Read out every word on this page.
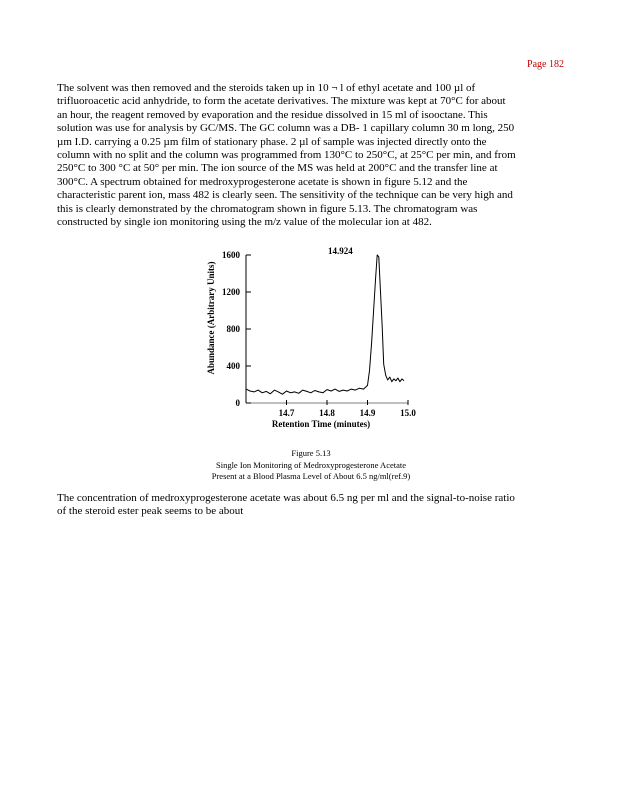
Page 182

The solvent was then removed and the steroids taken up in 10 ¬ l of ethyl acetate and 100 µl of
trifluoroacetic acid anhydride, to form the acetate derivatives. The mixture was kept at 70°C for about
an hour, the reagent removed by evaporation and the residue dissolved in 15 ml of isooctane. This
solution was use for analysis by GC/MS. The GC column was a DB- 1 capillary column 30 m long, 250
µm I.D. carrying a 0.25 µm film of stationary phase. 2 µl of sample was injected directly onto the
column with no split and the column was programmed from 130°C to 250°C, at 25°C per min, and from
250°C to 300 °C at 50° per min. The ion source of the MS was held at 200°C and the transfer line at
300°C. A spectrum obtained for medroxyprogesterone acetate is shown in figure 5.12 and the
characteristic parent ion, mass 482 is clearly seen. The sensitivity of the technique can be very high and
this is clearly demonstrated by the chromatogram shown in figure 5.13. The chromatogram was
constructed by single ion monitoring using the m/z value of the molecular ion at 482.

Abundance (Arbitrary Units)
Retention Time (minutes)
14.924
0
400
800
1200
1600
14.7	14.8	14.9	15.0
Figure 5.13
Single Ion Monitoring of Medroxyprogesterone Acetate
Present at a Blood Plasma Level of About 6.5 ng/ml(ref.9)

The concentration of medroxyprogesterone acetate was about 6.5 ng per ml and the signal-to-noise ratio
of the steroid ester peak seems to be about
